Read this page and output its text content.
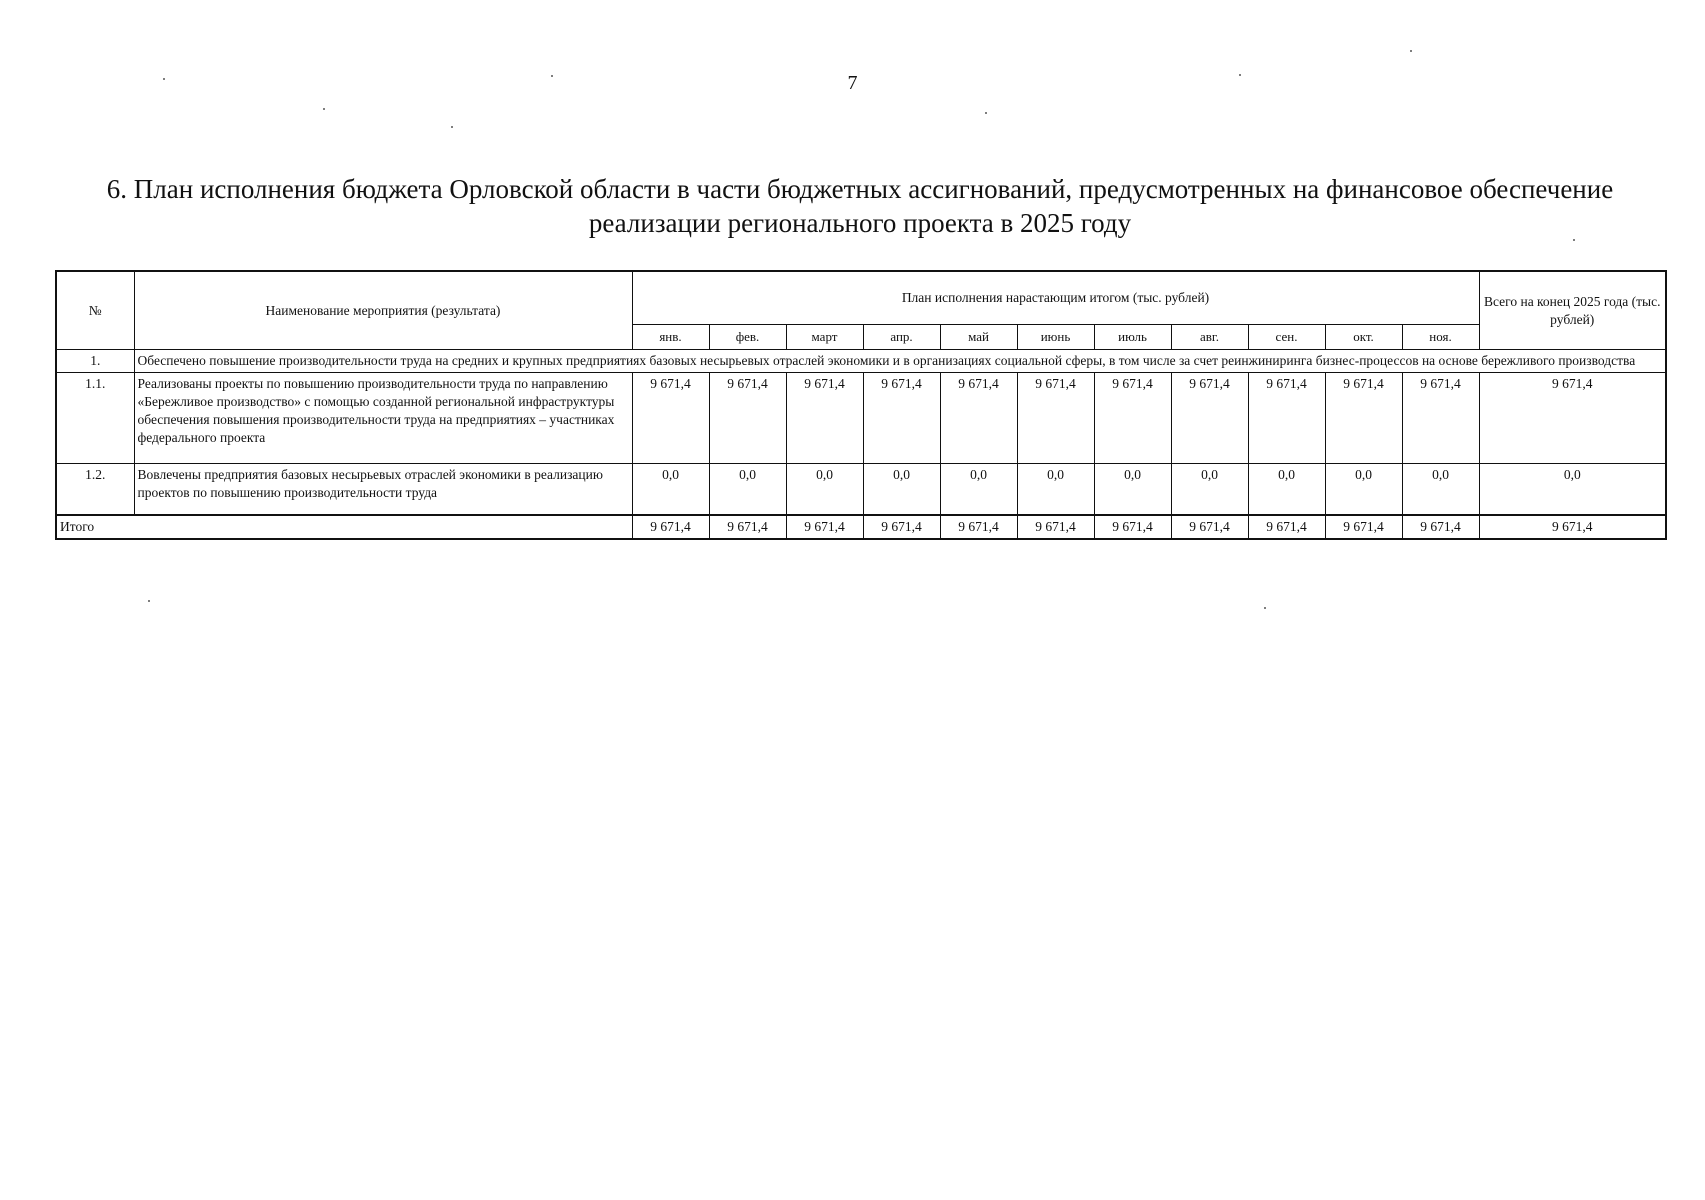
7
6. План исполнения бюджета Орловской области в части бюджетных ассигнований, предусмотренных на финансовое обеспечение
реализации регионального проекта в 2025 году
№	Наименование мероприятия (результата)	План исполнения нарастающим итогом (тыс. рублей)											Всего на конец 2025 года (тыс. рублей)
		янв.	фев.	март	апр.	май	июнь	июль	авг.	сен.	окт.	ноя.	
1.	Обеспечено повышение производительности труда на средних и крупных предприятиях базовых несырьевых отраслей экономики и в организациях социальной сферы, в том числе за счет реинжиниринга бизнес-процессов на основе бережливого производства												
1.1.	Реализованы проекты по повышению производительности труда по направлению «Бережливое производство» с помощью созданной региональной инфраструктуры обеспечения повышения производительности труда на предприятиях – участниках федерального проекта	9 671,4	9 671,4	9 671,4	9 671,4	9 671,4	9 671,4	9 671,4	9 671,4	9 671,4	9 671,4	9 671,4	9 671,4
1.2.	Вовлечены предприятия базовых несырьевых отраслей экономики в реализацию проектов по повышению производительности труда	0,0	0,0	0,0	0,0	0,0	0,0	0,0	0,0	0,0	0,0	0,0	0,0
Итого		9 671,4	9 671,4	9 671,4	9 671,4	9 671,4	9 671,4	9 671,4	9 671,4	9 671,4	9 671,4	9 671,4	9 671,4
